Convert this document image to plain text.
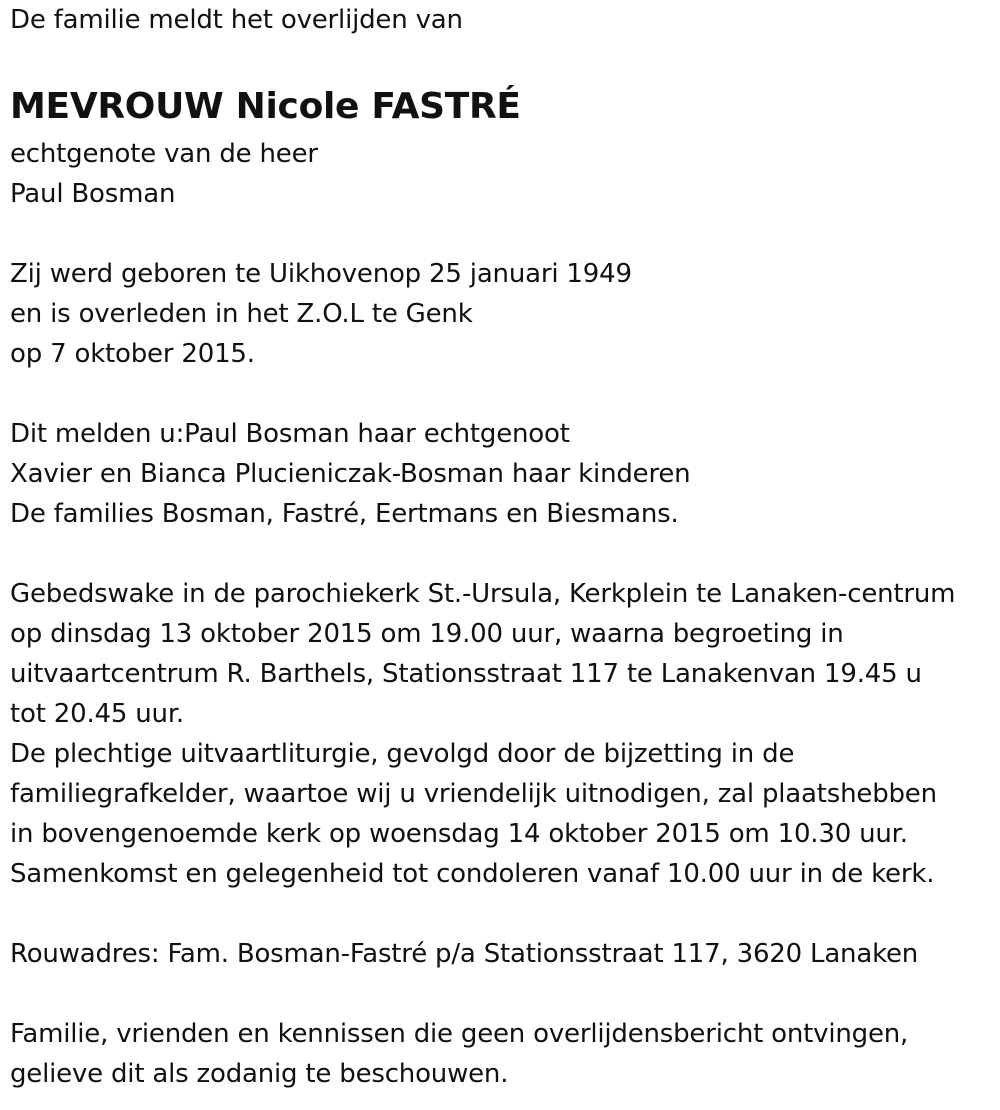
De familie meldt het overlijden van
MEVROUW Nicole FASTRÉ
echtgenote van de heer
Paul Bosman
Zij werd geboren te Uikhovenop 25 januari 1949
en is overleden in het Z.O.L te Genk
op 7 oktober 2015.
Dit melden u:Paul Bosman haar echtgenoot
Xavier en Bianca Plucieniczak-Bosman haar kinderen
De families Bosman, Fastré, Eertmans en Biesmans.
Gebedswake in de parochiekerk St.-Ursula, Kerkplein te Lanaken-centrum
op dinsdag 13 oktober 2015 om 19.00 uur, waarna begroeting in
uitvaartcentrum R. Barthels, Stationsstraat 117 te Lanakenvan 19.45 u
tot 20.45 uur.
De plechtige uitvaartliturgie, gevolgd door de bijzetting in de
familiegrafkelder, waartoe wij u vriendelijk uitnodigen, zal plaatshebben
in bovengenoemde kerk op woensdag 14 oktober 2015 om 10.30 uur.
Samenkomst en gelegenheid tot condoleren vanaf 10.00 uur in de kerk.
Rouwadres: Fam. Bosman-Fastré p/a Stationsstraat 117, 3620 Lanaken
Familie, vrienden en kennissen die geen overlijdensbericht ontvingen,
gelieve dit als zodanig te beschouwen.
